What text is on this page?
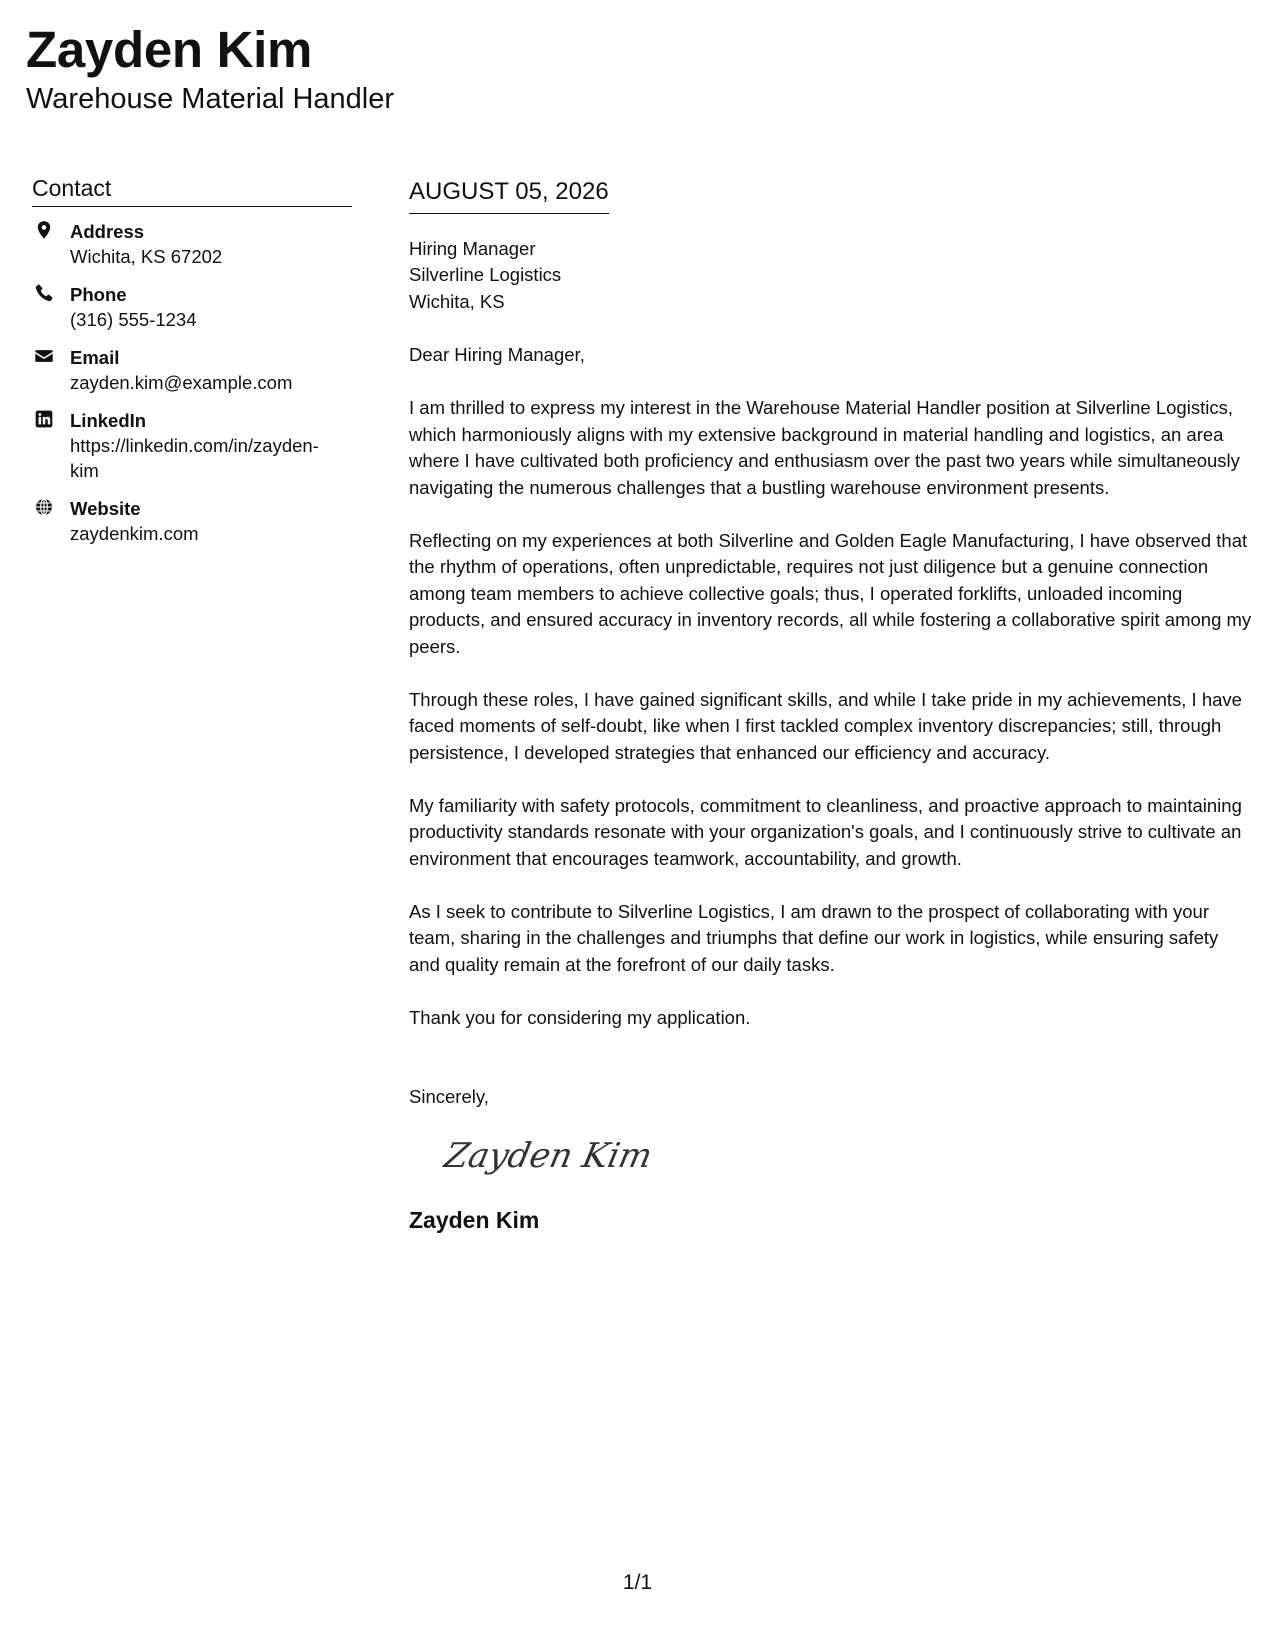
Zayden Kim
Warehouse Material Handler
Contact
Address
Wichita, KS 67202
Phone
(316) 555-1234
Email
zayden.kim@example.com
LinkedIn
https://linkedin.com/in/zayden-kim
Website
zaydenkim.com
AUGUST 05, 2026
Hiring Manager
Silverline Logistics
Wichita, KS
Dear Hiring Manager,

I am thrilled to express my interest in the Warehouse Material Handler position at Silverline Logistics, which harmoniously aligns with my extensive background in material handling and logistics, an area where I have cultivated both proficiency and enthusiasm over the past two years while simultaneously navigating the numerous challenges that a bustling warehouse environment presents.

Reflecting on my experiences at both Silverline and Golden Eagle Manufacturing, I have observed that the rhythm of operations, often unpredictable, requires not just diligence but a genuine connection among team members to achieve collective goals; thus, I operated forklifts, unloaded incoming products, and ensured accuracy in inventory records, all while fostering a collaborative spirit among my peers.

Through these roles, I have gained significant skills, and while I take pride in my achievements, I have faced moments of self-doubt, like when I first tackled complex inventory discrepancies; still, through persistence, I developed strategies that enhanced our efficiency and accuracy.

My familiarity with safety protocols, commitment to cleanliness, and proactive approach to maintaining productivity standards resonate with your organization's goals, and I continuously strive to cultivate an environment that encourages teamwork, accountability, and growth.

As I seek to contribute to Silverline Logistics, I am drawn to the prospect of collaborating with your team, sharing in the challenges and triumphs that define our work in logistics, while ensuring safety and quality remain at the forefront of our daily tasks.

Thank you for considering my application.

Sincerely,
Zayden Kim
Zayden Kim
1/1
